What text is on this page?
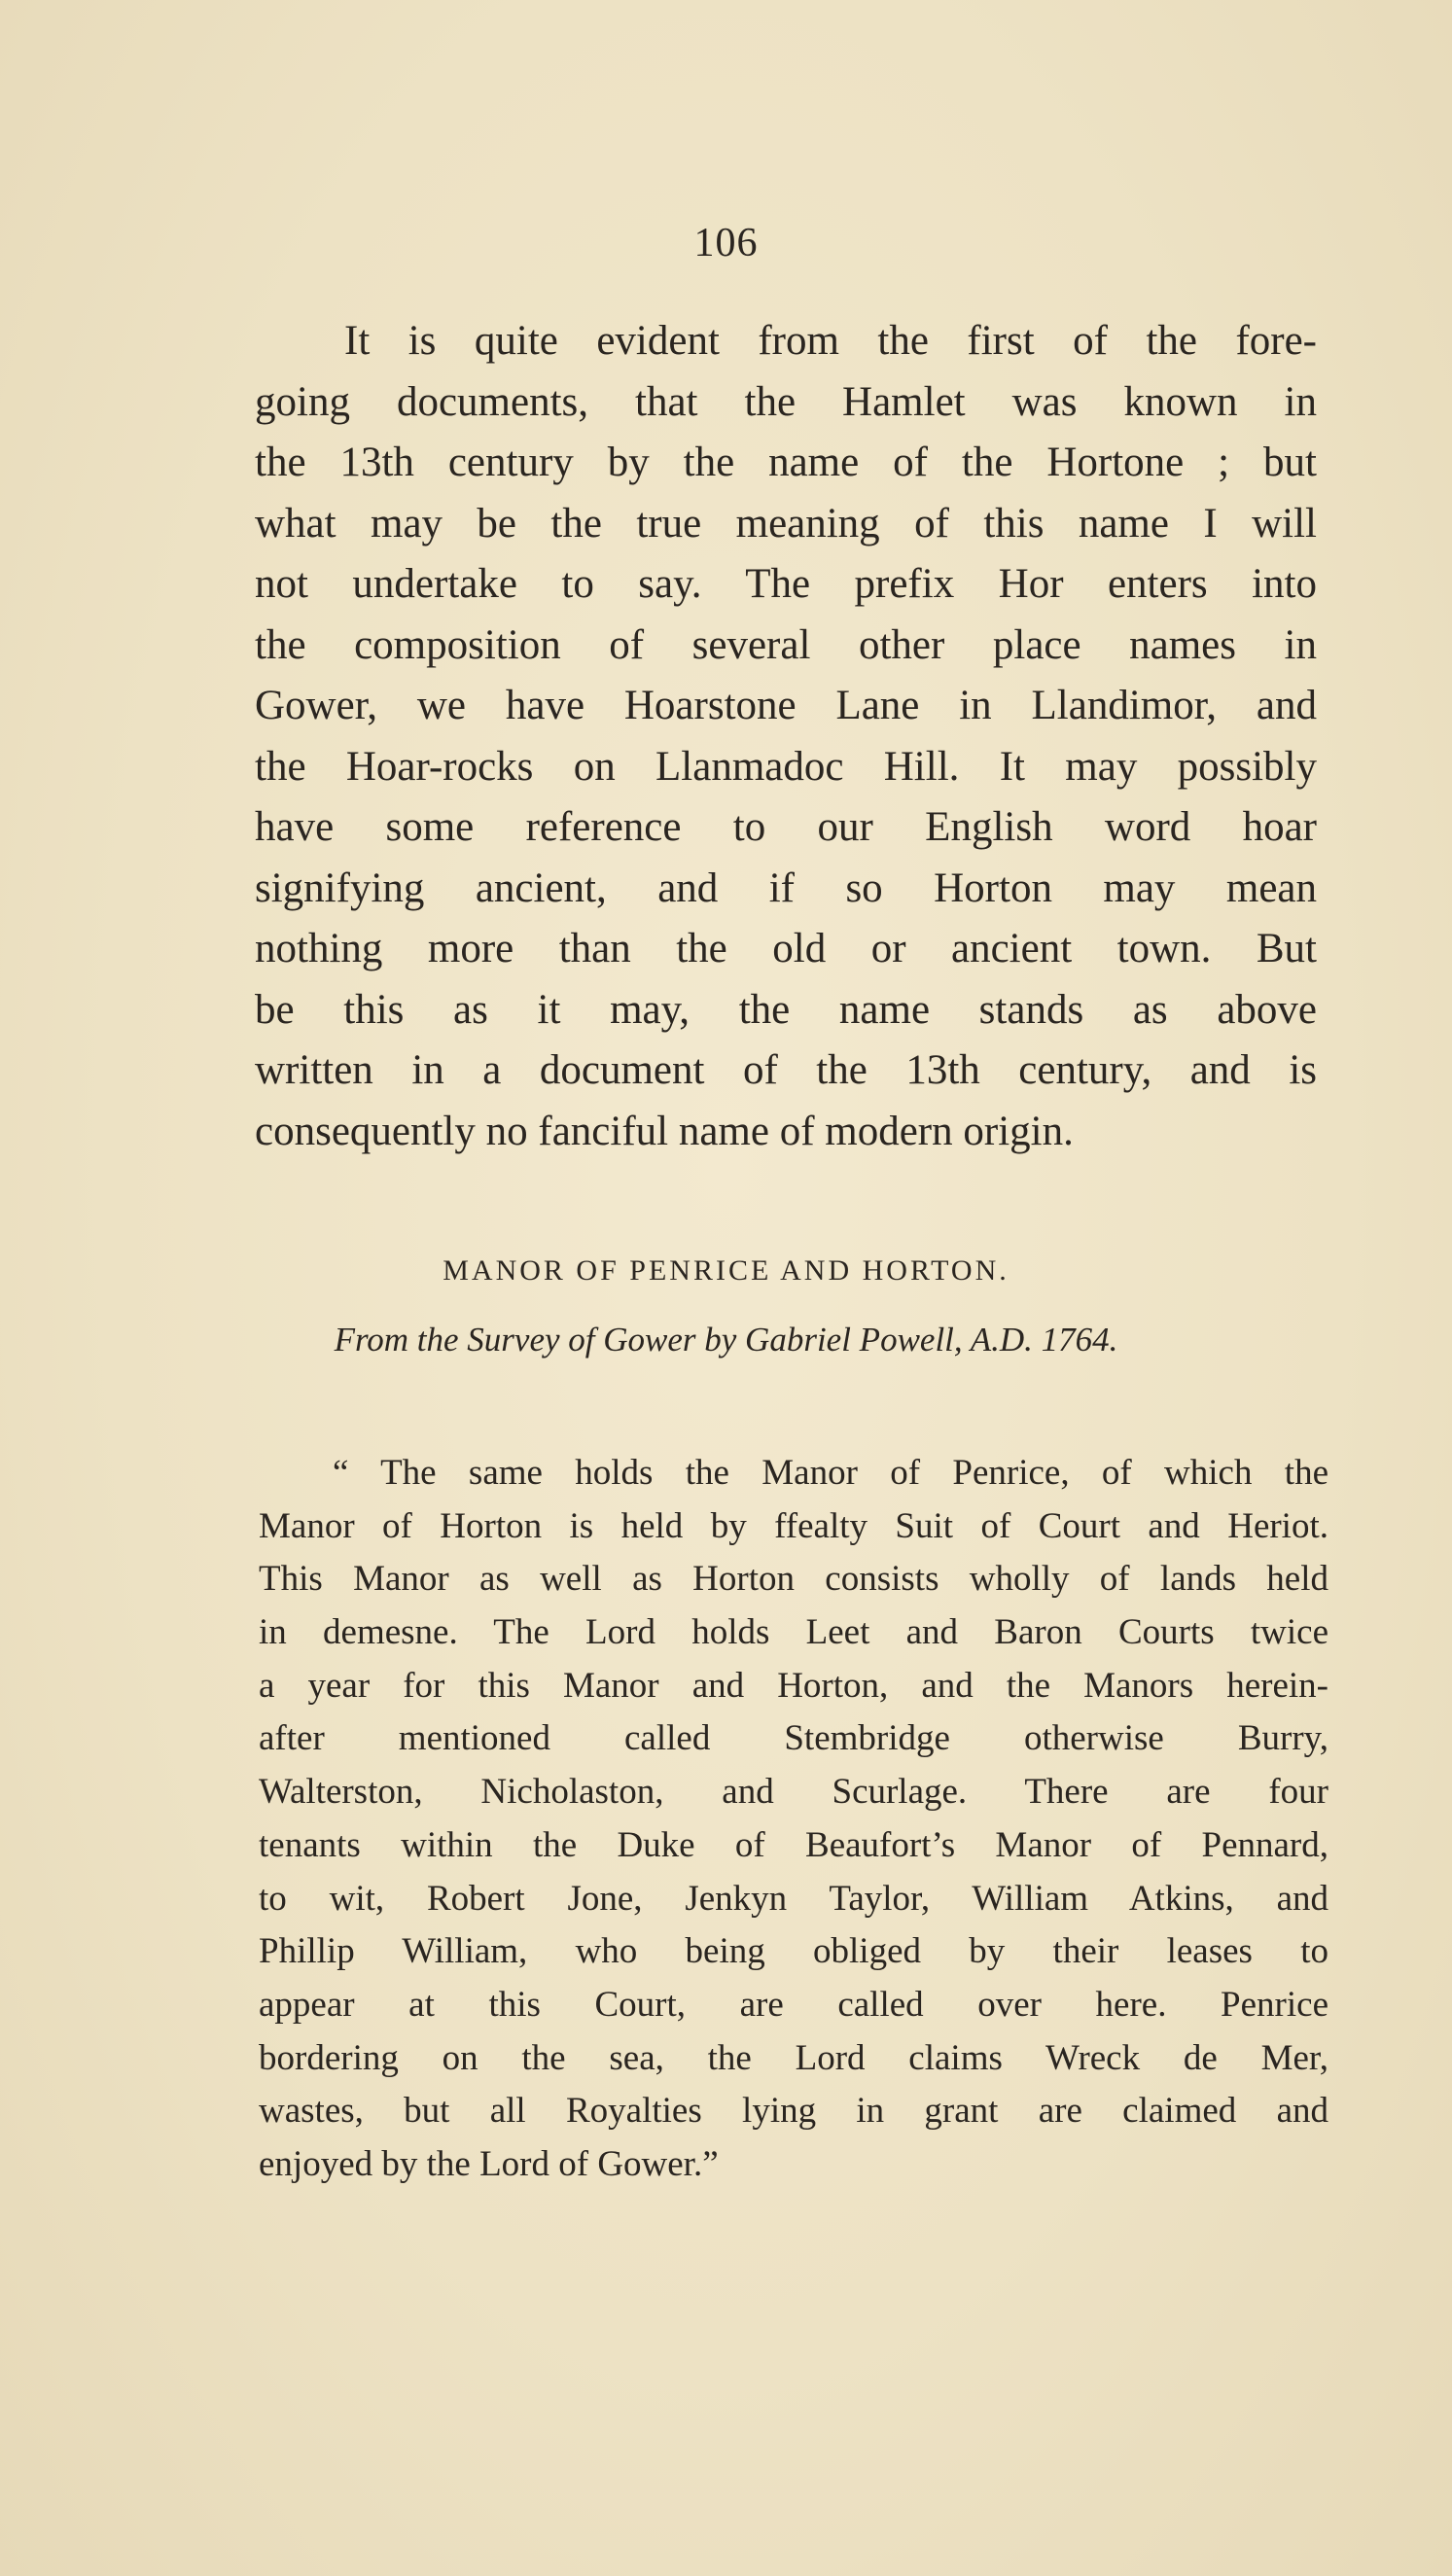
106
It is quite evident from the first of the fore-
going documents, that the Hamlet was known in
the 13th century by the name of the Hortone ; but
what may be the true meaning of this name I will
not undertake to say. The prefix Hor enters into
the composition of several other place names in
Gower, we have Hoarstone Lane in Llandimor, and
the Hoar-rocks on Llanmadoc Hill. It may possibly
have some reference to our English word hoar
signifying ancient, and if so Horton may mean
nothing more than the old or ancient town. But
be this as it may, the name stands as above
written in a document of the 13th century, and is
consequently no fanciful name of modern origin.
MANOR OF PENRICE AND HORTON.
From the Survey of Gower by Gabriel Powell, A.D. 1764.
“ The same holds the Manor of Penrice, of which the
Manor of Horton is held by ffealty Suit of Court and Heriot.
This Manor as well as Horton consists wholly of lands held
in demesne. The Lord holds Leet and Baron Courts twice
a year for this Manor and Horton, and the Manors herein-
after mentioned called Stembridge otherwise Burry,
Walterston, Nicholaston, and Scurlage. There are four
tenants within the Duke of Beaufort’s Manor of Pennard,
to wit, Robert Jone, Jenkyn Taylor, William Atkins, and
Phillip William, who being obliged by their leases to
appear at this Court, are called over here. Penrice
bordering on the sea, the Lord claims Wreck de Mer,
wastes, but all Royalties lying in grant are claimed and
enjoyed by the Lord of Gower.”
